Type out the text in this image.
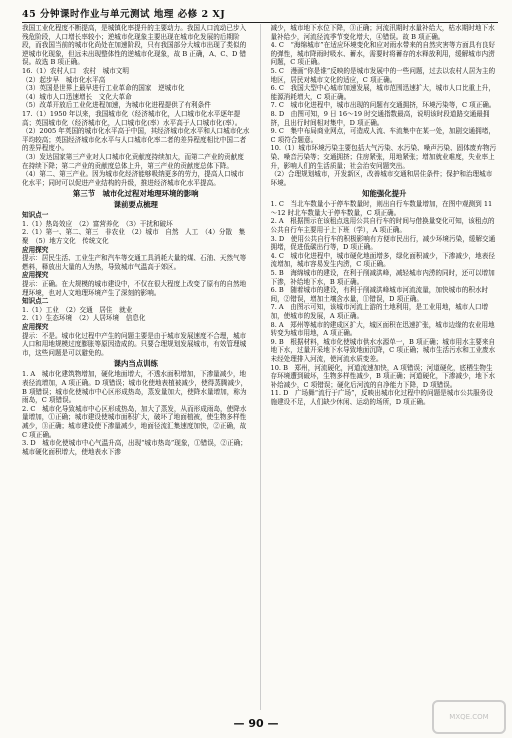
45 分钟课时作业与单元测试 地理 必修 2 XJ

我国工业化程度不断提高，是城镇化率提升的主要动力。我国人口流动已步入残危阶段，人口增长率较小；逆城市化现象主要出现在城市化发展的后期阶段，而我国当前的城市化尚处在加速阶段，只有我国部分大城市出现了类似的逆城市化现象，但远未出现整体性的逆城市化现象，故 B 正确，A、C、D 错误。故选 B 项正确。

16.（1）农村人口　农村　城市文明

（2）起步早　城市化水平高

（3）英国是世界上最早进行工业革命的国家　逆城市化

（4）城市人口迅速增长　文化大革命

（5）改革开放后工业化进程加速，为城市化进程提供了有利条件

17.（1）1950 年以来，我国城市化（经济城市化，人口城市化水平逐年提高；英国城市化（经济城市化，人口城市化(率）水平高于人口城市化(率）。

（2）2005 年英国的城市化水平高于中国，其经济城市化水平和人口城市化水平均较高；英国经济城市化水平与人口城市化率二者的差异程度相比中国二者的差异程度小。

（3）发达国家第三产业对人口城市化贡献度持续加大，而第二产业的贡献度在持续下降；第二产业的贡献度总体上升，第三产业的贡献度总体下降。

（4）第二、第三产业。因为城市化经济能够吸纳更多的劳力，提高人口城市化水平；同时可以促进产业结构的升级，推进经济城市化水平提高。

第三节　城市化过程对地理环境的影响

课前要点梳理

知识点一

1.（1）热岛效应　（2）富营养化　（3）干扰和破坏

2.（1）第一、第二、第三　非农业　（2）城市　自然　人工　（4）分散　集聚　（5）地方文化　传统文化

应用探究

提示：居民生活、工业生产和汽车等交通工具消耗大量的煤、石油、天然气等燃料，释放出大量的人为热，导致城市气温高于郊区。

应用探究

提示：正确。在大规模的城市建设中，不仅在很大程度上改变了原有的自然地理环境，也对人文地理环境产生了深刻的影响。

知识点二

1.（1）工业　（2）交通　居住　就业

2.（1）生态环境　（2）人居环境　信息化

应用探究

提示：不是。城市化过程中产生的问题主要是由于城市发展速度不合理，城市人口和用地规模过度膨胀等原因造成的。只要合理规划发展城市，有效管理城市，这些问题是可以避免的。

课内当点训练

1. A　城市化建筑物增加，硬化地面增大，不透水面积增加，下渗量减少，地表径流增加，A 项正确。D 项错误；城市化使地表植被减少，使得蒸腾减少，B 项错误；城市化使城市中心区形成热岛，蒸发量加大，使降水量增加，称为雨岛，C 项错误。

2. C　城市化导致城市中心区形成热岛，加大了蒸发，从而形成雨岛，使降水量增加，①正确；城市建设使城市面积扩大，破坏了地面植被，使生物多样性减少，③正确；城市建设使下渗量减少，地面径流汇集速度加快，②正确，故 C 项正确。

3. D　城市化使城市中心气温升高，出现“城市热岛”现象，①错误，②正确；城市硬化面积增大，使地表水下渗

减少，城市地下水位下降，③正确；河流汛期时水量补给大，枯水期时地下水量补给少，河流径流季节变化增大，④错误。故 B 项正确。

4. C　“海绵城市”在适应环境变化和应对雨水带来的自然灾害等方面具有良好的弹性，城市降雨时吸水、蓄水，需要时将蓄存的水释放利用，缓解城市内涝问题，C 项正确。

5. C　漫画“你是谁”反映的是城市发展中的一些问题，过去以农村人居为主的地区，居民对城市文化的适应，C 项正确。

6. C　我国大型中心城市加速发展，城市范围迅速扩大，城市人口比重上升，能源消耗增大，C 项正确。

7. C　城市化进程中，城市出现的问题有交通拥挤，环境污染等，C 项正确。

8. D　由图可知，9 日 16～19 时交通指数最高，说明该时段道路交通最拥挤，且出行时间相对集中，D 项正确。

9. C　集中布局商业网点，可造成人流、车流集中在某一处，加剧交通拥堵，C 项符合题意。

10.（1）城市环境污染主要包括大气污染、水污染、噪声污染、固体废弃物污染、噪音污染等；交通拥挤；住房紧张，用地紧张；增加就业难度，失业率上升，影响人们的生活质量；社会治安问题突出。

（2）合理规划城市，开发新区，改善城市交通和居住条件；保护和治理城市环境。

知能强化提升

1. C　当北车数量小于停车数量时，则出自行车数量增加，在图中观测到 11～12 时北车数量大于停车数量，C 项正确。

2. A　根据图示在该租点选用公共自行车的时间与借换量变化可知，该租点的公共自行车主要用于上下班（学），A 项正确。

3. D　使用公共自行车的积极影响有方便市民出行，减少环境污染，缓解交通拥堵，促进低碳出行等，D 项正确。

4. C　城市化进程中，城市硬化地面增多，绿化面积减少，下渗减少，地表径流增加，城市容易发生内涝，C 项正确。

5. B　海绵城市的建设，在利于削减洪峰，减轻城市内涝的同时，还可以增加下渗，补给地下水，B 项正确。

6. B　随着城市的建设，有利于削减洪峰城市河流流量，加快城市的积水时间，②错误，增加土壤含水量，①错误，D 项正确。

7. A　由图示可知，该城市河流上游的土地利用，是工业用地，城市人口增加，使城市的发展，A 项正确。

8. A　郑州等城市的建成区扩大，城区面积在迅速扩张，城市边缘的农业用地转变为城市用地，A 项正确。

9. B　根据材料，城市化使城市供水水源单一，B 项正确；城市用水主要来自地下水，过量开采地下水导致地面沉降，C 项正确；城市生活污水和工业废水未经处理排入河流，使河流水质变差。

10. B　郑州，河流硬化，河道流速加快，A 项错误；河道硬化，底栖生物生存环境遭到破坏，生物多样性减少，B 项正确；河道硬化，下渗减少，地下水补给减少，C 项错误；硬化后河流的自净能力下降，D 项错误。

11. D　广场舞“流行于广场”，反映出城市化过程中的问题是城市公共服务设施建设不足，人们缺少休闲、运动的场所，D 项正确。

— 90 —	MXQE.COM
